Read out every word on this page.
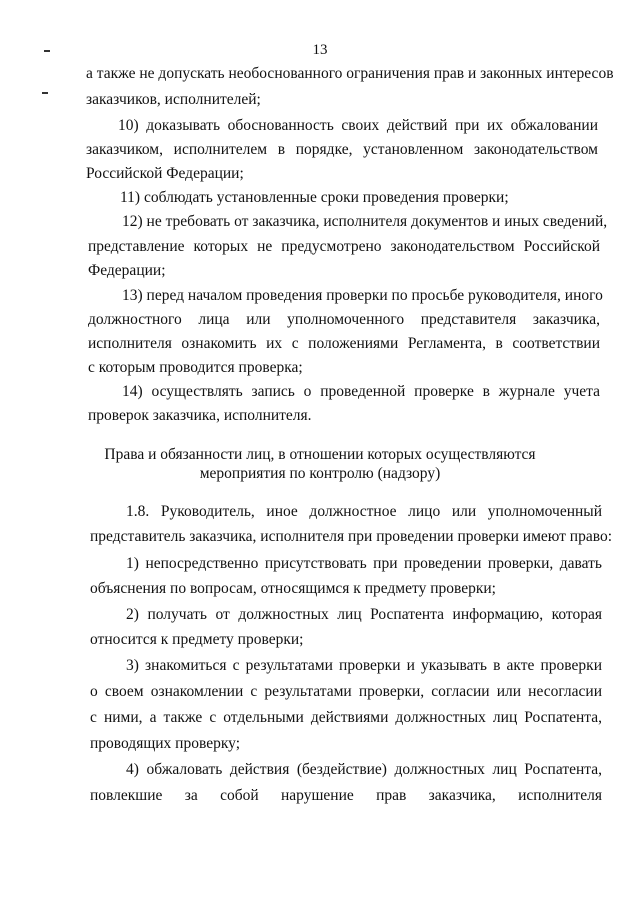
13
а также не допускать необоснованного ограничения прав и законных интересов
заказчиков, исполнителей;
10) доказывать обоснованность своих действий при их обжаловании
заказчиком, исполнителем в порядке, установленном законодательством
Российской Федерации;
11) соблюдать установленные сроки проведения проверки;
12) не требовать от заказчика, исполнителя документов и иных сведений,
представление которых не предусмотрено законодательством Российской
Федерации;
13) перед началом проведения проверки по просьбе руководителя, иного
должностного лица или уполномоченного представителя заказчика,
исполнителя ознакомить их с положениями Регламента, в соответствии
с которым проводится проверка;
14) осуществлять запись о проведенной проверке в журнале учета
проверок заказчика, исполнителя.
Права и обязанности лиц, в отношении которых осуществляются
мероприятия по контролю (надзору)
1.8. Руководитель, иное должностное лицо или уполномоченный
представитель заказчика, исполнителя при проведении проверки имеют право:
1) непосредственно присутствовать при проведении проверки, давать
объяснения по вопросам, относящимся к предмету проверки;
2) получать от должностных лиц Роспатента информацию, которая
относится к предмету проверки;
3) знакомиться с результатами проверки и указывать в акте проверки
о своем ознакомлении с результатами проверки, согласии или несогласии
с ними, а также с отдельными действиями должностных лиц Роспатента,
проводящих проверку;
4) обжаловать действия (бездействие) должностных лиц Роспатента,
повлекшие за собой нарушение прав заказчика, исполнителя
